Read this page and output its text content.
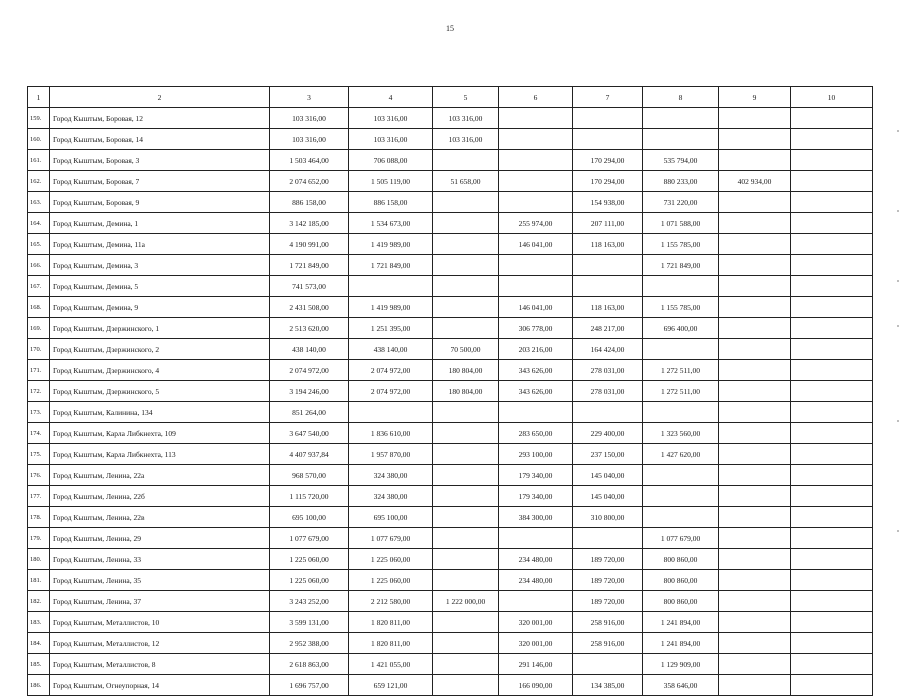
15
1	2	3	4	5	6	7	8	9	10
159.	Город Кыштым, Боровая, 12	103 316,00	103 316,00	103 316,00					
160.	Город Кыштым, Боровая, 14	103 316,00	103 316,00	103 316,00					
161.	Город Кыштым, Боровая, 3	1 503 464,00	706 088,00			170 294,00	535 794,00		
162.	Город Кыштым, Боровая, 7	2 074 652,00	1 505 119,00	51 658,00		170 294,00	880 233,00	402 934,00	
163.	Город Кыштым, Боровая, 9	886 158,00	886 158,00			154 938,00	731 220,00		
164.	Город Кыштым, Демина, 1	3 142 185,00	1 534 673,00		255 974,00	207 111,00	1 071 588,00		
165.	Город Кыштым, Демина, 11а	4 190 991,00	1 419 989,00		146 041,00	118 163,00	1 155 785,00		
166.	Город Кыштым, Демина, 3	1 721 849,00	1 721 849,00				1 721 849,00		
167.	Город Кыштым, Демина, 5	741 573,00							
168.	Город Кыштым, Демина, 9	2 431 508,00	1 419 989,00		146 041,00	118 163,00	1 155 785,00		
169.	Город Кыштым, Дзержинского, 1	2 513 620,00	1 251 395,00		306 778,00	248 217,00	696 400,00		
170.	Город Кыштым, Дзержинского, 2	438 140,00	438 140,00	70 500,00	203 216,00	164 424,00			
171.	Город Кыштым, Дзержинского, 4	2 074 972,00	2 074 972,00	180 804,00	343 626,00	278 031,00	1 272 511,00		
172.	Город Кыштым, Дзержинского, 5	3 194 246,00	2 074 972,00	180 804,00	343 626,00	278 031,00	1 272 511,00		
173.	Город Кыштым, Калинина, 134	851 264,00							
174.	Город Кыштым, Карла Либкнехта, 109	3 647 540,00	1 836 610,00		283 650,00	229 400,00	1 323 560,00		
175.	Город Кыштым, Карла Либкнехта, 113	4 407 937,84	1 957 870,00		293 100,00	237 150,00	1 427 620,00		
176.	Город Кыштым, Ленина, 22а	968 570,00	324 380,00		179 340,00	145 040,00			
177.	Город Кыштым, Ленина, 22б	1 115 720,00	324 380,00		179 340,00	145 040,00			
178.	Город Кыштым, Ленина, 22в	695 100,00	695 100,00		384 300,00	310 800,00			
179.	Город Кыштым, Ленина, 29	1 077 679,00	1 077 679,00				1 077 679,00		
180.	Город Кыштым, Ленина, 33	1 225 060,00	1 225 060,00		234 480,00	189 720,00	800 860,00		
181.	Город Кыштым, Ленина, 35	1 225 060,00	1 225 060,00		234 480,00	189 720,00	800 860,00		
182.	Город Кыштым, Ленина, 37	3 243 252,00	2 212 580,00	1 222 000,00		189 720,00	800 860,00		
183.	Город Кыштым, Металлистов, 10	3 599 131,00	1 820 811,00		320 001,00	258 916,00	1 241 894,00		
184.	Город Кыштым, Металлистов, 12	2 952 388,00	1 820 811,00		320 001,00	258 916,00	1 241 894,00		
185.	Город Кыштым, Металлистов, 8	2 618 863,00	1 421 055,00		291 146,00		1 129 909,00		
186.	Город Кыштым, Огнеупорная, 14	1 696 757,00	659 121,00		166 090,00	134 385,00	358 646,00		
